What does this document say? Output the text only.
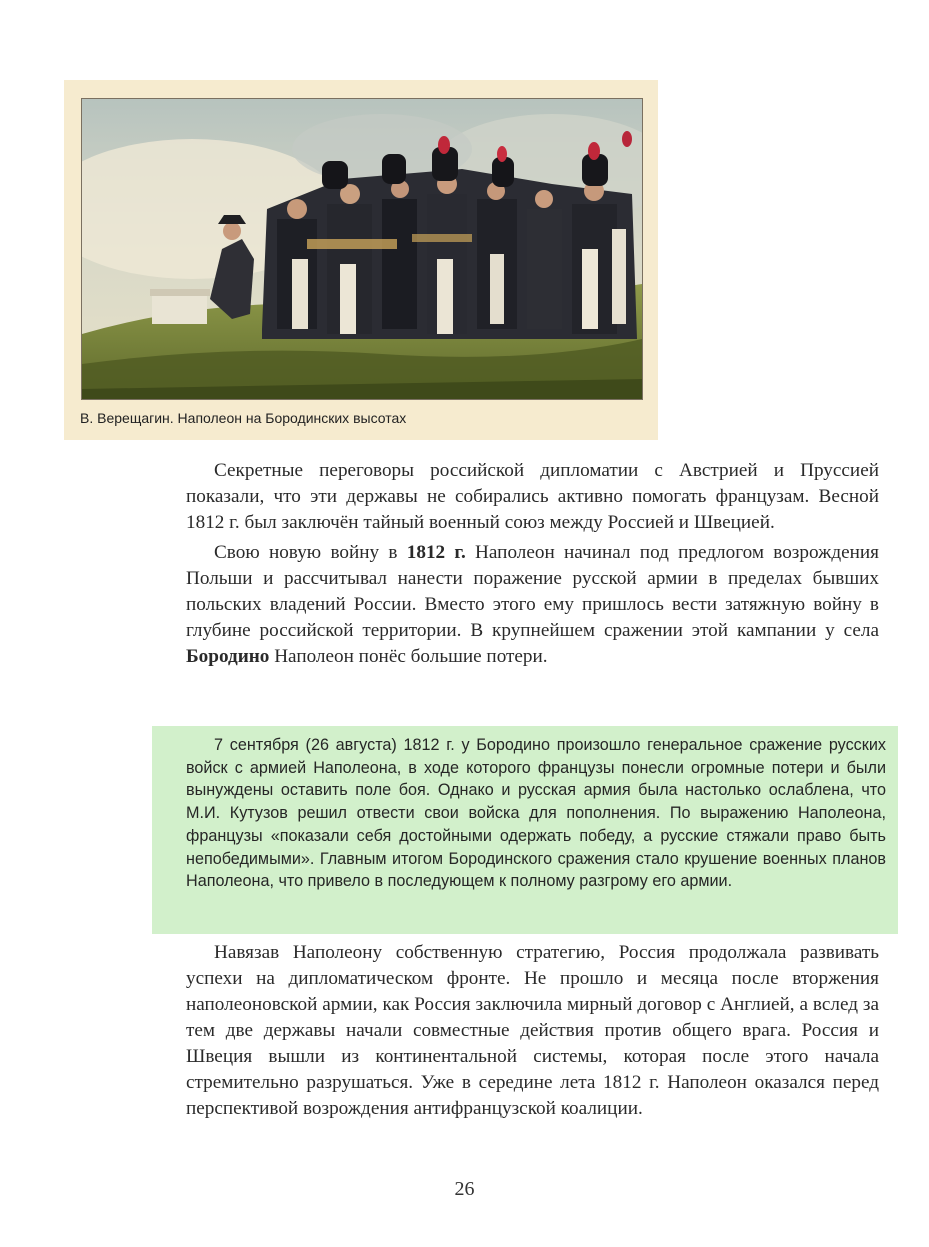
В. Верещагин. Наполеон на Бородинских высотах

Секретные переговоры российской дипломатии с Австрией и Пруссией показали, что эти державы не собирались активно помогать французам. Весной 1812 г. был заключён тайный военный союз между Россией и Швецией.

Свою новую войну в 1812 г. Наполеон начинал под предлогом возрождения Польши и рассчитывал нанести поражение русской армии в пределах бывших польских владений России. Вместо этого ему пришлось вести затяжную войну в глубине российской территории. В крупнейшем сражении этой кампании у села Бородино Наполеон понёс большие потери.

7 сентября (26 августа) 1812 г. у Бородино произошло генеральное сражение русских войск с армией Наполеона, в ходе которого французы понесли огромные потери и были вынуждены оставить поле боя. Однако и русская армия была настолько ослаблена, что М.И. Кутузов решил отвести свои войска для пополнения. По выражению Наполеона, французы «показали себя достойными одержать победу, а русские стяжали право быть непобедимыми». Главным итогом Бородинского сражения стало крушение военных планов Наполеона, что привело в последующем к полному разгрому его армии.

Навязав Наполеону собственную стратегию, Россия продолжала развивать успехи на дипломатическом фронте. Не прошло и месяца после вторжения наполеоновской армии, как Россия заключила мирный договор с Англией, а вслед за тем две державы начали совместные действия против общего врага. Россия и Швеция вышли из континентальной системы, которая после этого начала стремительно разрушаться. Уже в середине лета 1812 г. Наполеон оказался перед перспективой возрождения антифранцузской коалиции.

26
